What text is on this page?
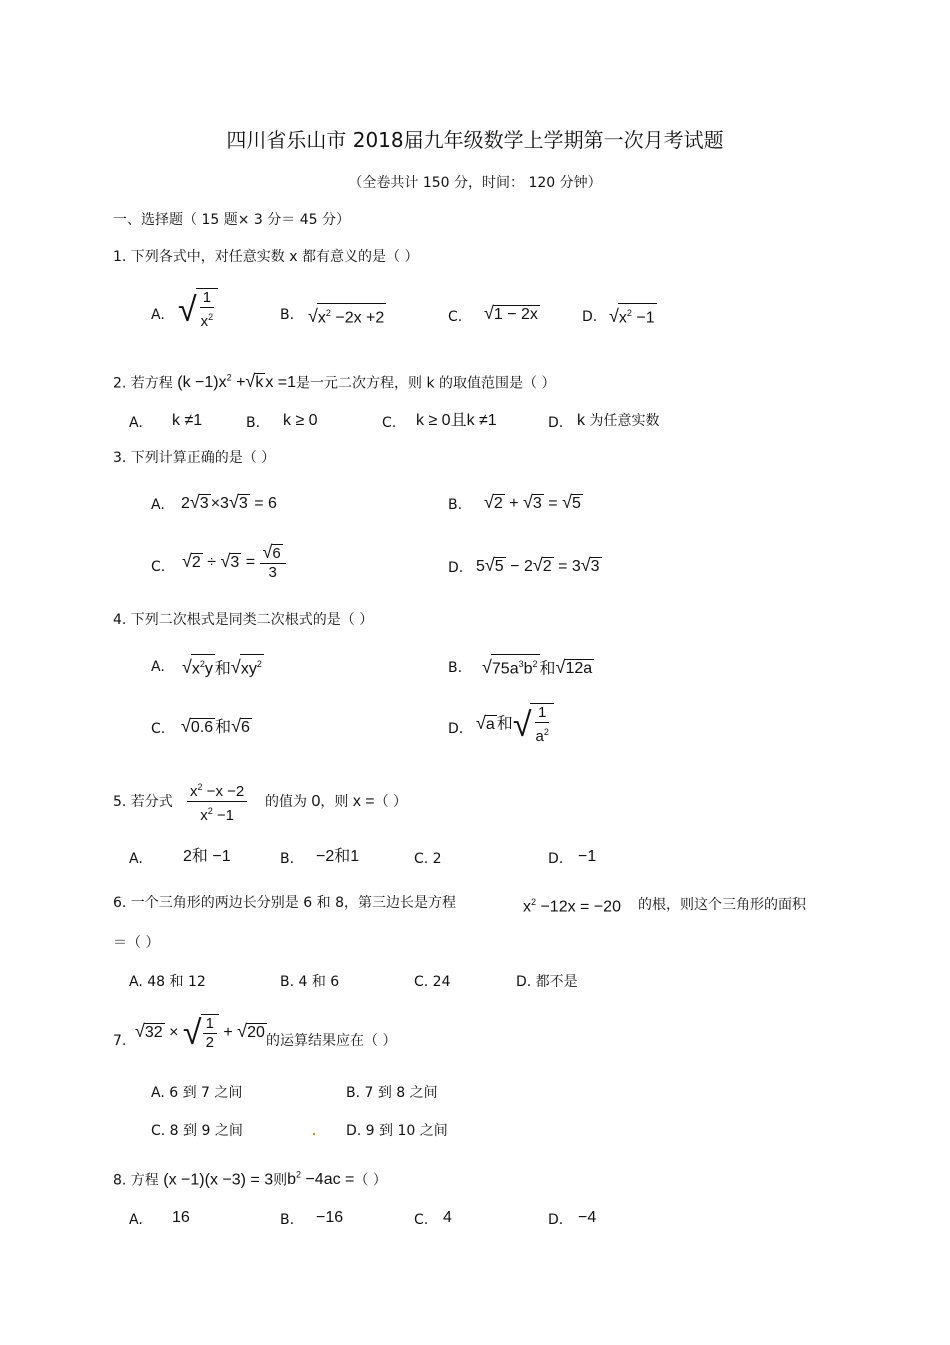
四川省乐山市 2018届九年级数学上学期第一次月考试题
（全卷共计 150 分，时间： 120 分钟）
一、选择题（ 15 题× 3 分＝ 45 分）
1. 下列各式中，对任意实数 x 都有意义的是（ ）
A. √ $\frac{1}{x^2}$	B. $√x^2 -2x +2$	C. √1 − 2x	D. $√x^2 -1$
2. 若方程 $(k -1)x^2 +√k$ x =1是一元二次方程，则 k 的取值范围是（ ）
A. k ≠1	B. k ≥ 0	C. k ≥ 0且k ≠1	D. k 为任意实数
3. 下列计算正确的是（ ）
A. 2√3 ×3√3 = 6	B. √2 + √3 = √5
C. $√2 \div √3 = \frac{√6}{3}$	D. 5√5 − 2√2 = 3√3
4. 下列二次根式是同类二次根式的是（ ）
A. $√x^2y$ 和$√xy^2$	B. $√75a^3b^2$ 和√12a
C. √0.6 和√6	D. √a 和 √ $\frac{1}{a^2}$
5. 若分式 $\frac{x^2 -x -2}{x^2 -1}$ 的值为 0，则 x =（ ）
A.	2和 −1	B. −2和1	C. 2	D. −1
6. 一个三角形的两边长分别是 6 和 8，第三边长是方程	$x^2 -12x = -20$ 的根，则这个三角形的面积
＝（ ）
A. 48 和 12	B. 4 和 6	C. 24	D. 都不是
7. √32 × √ $\frac{1}{2} + √20$ 的运算结果应在（ ）
A. 6 到 7 之间	B. 7 到 8 之间
C. 8 到 9 之间	D. 9 到 10 之间
8. 方程 (x −1)(x −3) = 3则$b^2 -4ac$ =（ ）
A. 16	B. −16	C. 4	D. −4
